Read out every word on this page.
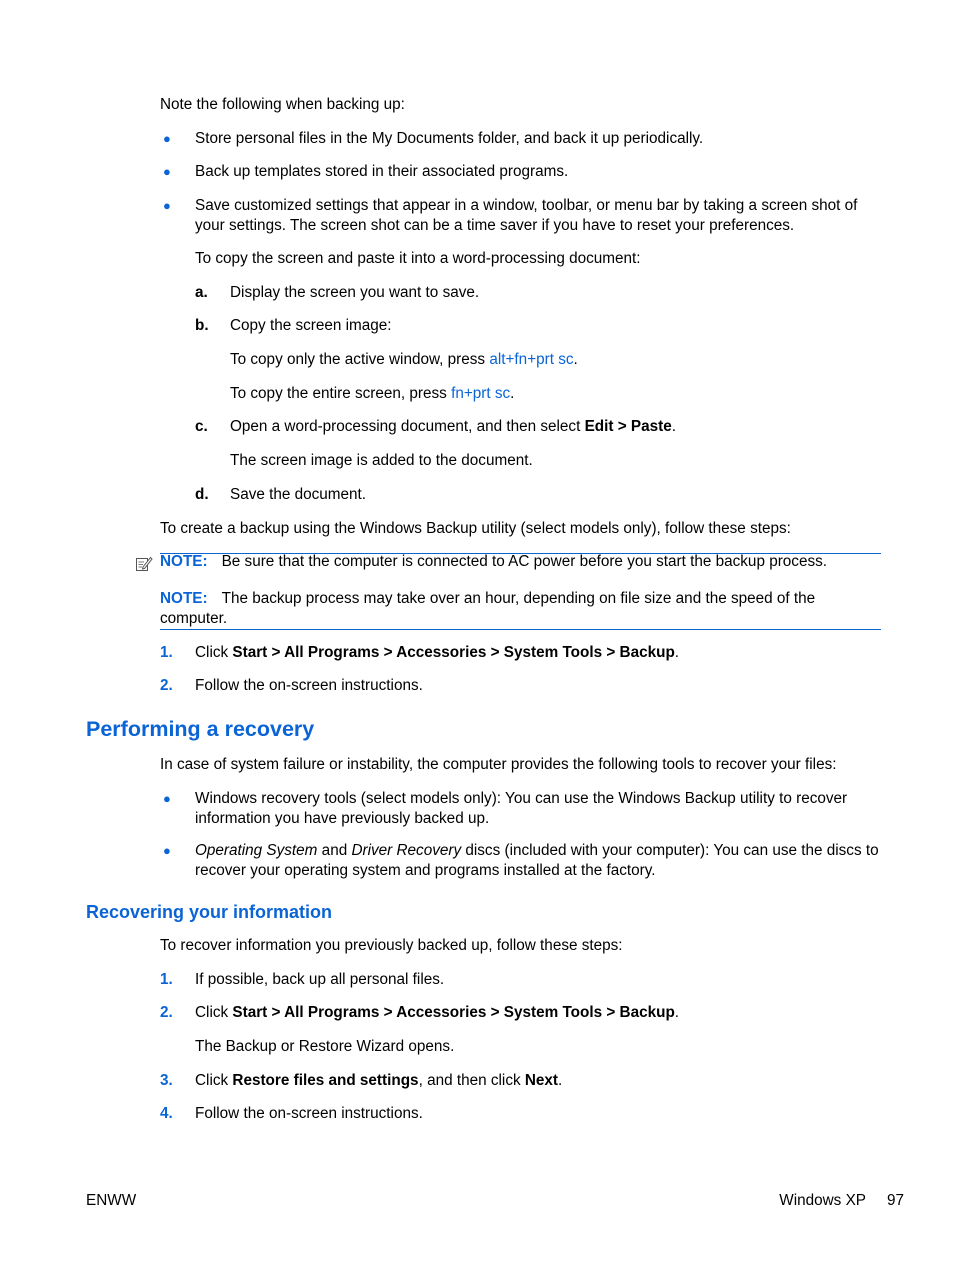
Note the following when backing up:
● Store personal files in the My Documents folder, and back it up periodically.
● Back up templates stored in their associated programs.
● Save customized settings that appear in a window, toolbar, or menu bar by taking a screen shot of your settings. The screen shot can be a time saver if you have to reset your preferences.
To copy the screen and paste it into a word-processing document:
a. Display the screen you want to save.
b. Copy the screen image:
To copy only the active window, press alt+fn+prt sc.
To copy the entire screen, press fn+prt sc.
c. Open a word-processing document, and then select Edit > Paste.
The screen image is added to the document.
d. Save the document.
To create a backup using the Windows Backup utility (select models only), follow these steps:
NOTE: Be sure that the computer is connected to AC power before you start the backup process.
NOTE: The backup process may take over an hour, depending on file size and the speed of the computer.
1. Click Start > All Programs > Accessories > System Tools > Backup.
2. Follow the on-screen instructions.
Performing a recovery
In case of system failure or instability, the computer provides the following tools to recover your files:
● Windows recovery tools (select models only): You can use the Windows Backup utility to recover information you have previously backed up.
● Operating System and Driver Recovery discs (included with your computer): You can use the discs to recover your operating system and programs installed at the factory.
Recovering your information
To recover information you previously backed up, follow these steps:
1. If possible, back up all personal files.
2. Click Start > All Programs > Accessories > System Tools > Backup.
The Backup or Restore Wizard opens.
3. Click Restore files and settings, and then click Next.
4. Follow the on-screen instructions.
ENWW	Windows XP 97
